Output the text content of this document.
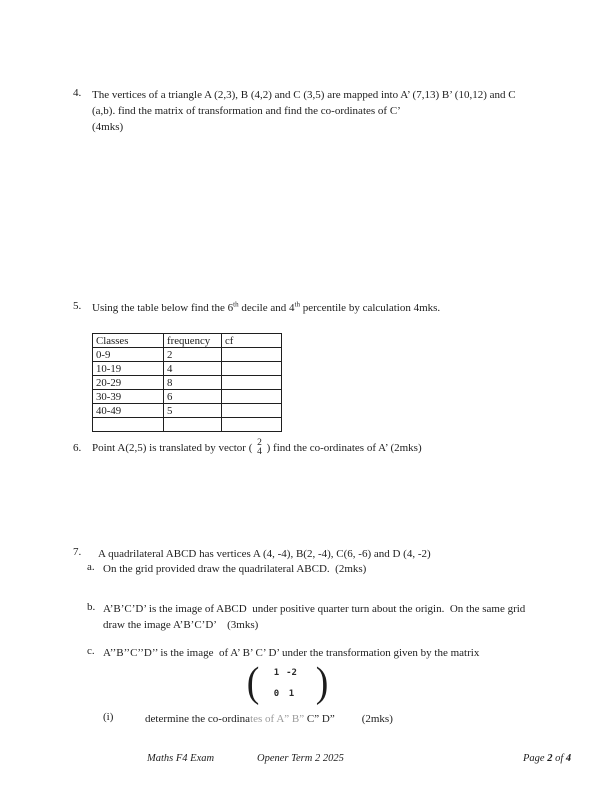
4. The vertices of a triangle A (2,3), B (4,2) and C (3,5) are mapped into A’ (7,13) B’ (10,12) and C
(a,b). find the matrix of transformation and find the co-ordinates of C’
(4mks)
5. Using the table below find the 6th decile and 4th percentile by calculation 4mks.
Classes	frequency	cf
0-9	2	
10-19	4	
20-29	8	
30-39	6	
40-49	5	

6. Point A(2,5) is translated by vector ( 2
4 ) find the co-ordinates of A’ (2mks)
7.	A quadrilateral ABCD has vertices A (4, -4), B(2, -4), C(6, -6) and D (4, -2)
a. On the grid provided draw the quadrilateral ABCD.  (2mks)
b. A’B’C’D’ is the image of ABCD  under positive quarter turn about the origin.  On the same grid
draw the image A’B’C’D’    (3mks)
c. A’’B’’C’’D’’ is the image  of A’ B’ C’ D’ under the transformation given by the matrix
(	1 -2
0	1 )
(i)	determine the co-ordinates of A” B” C” D” (2mks)
Maths F4 Exam	Opener Term 2 2025	Page 2 of 4
